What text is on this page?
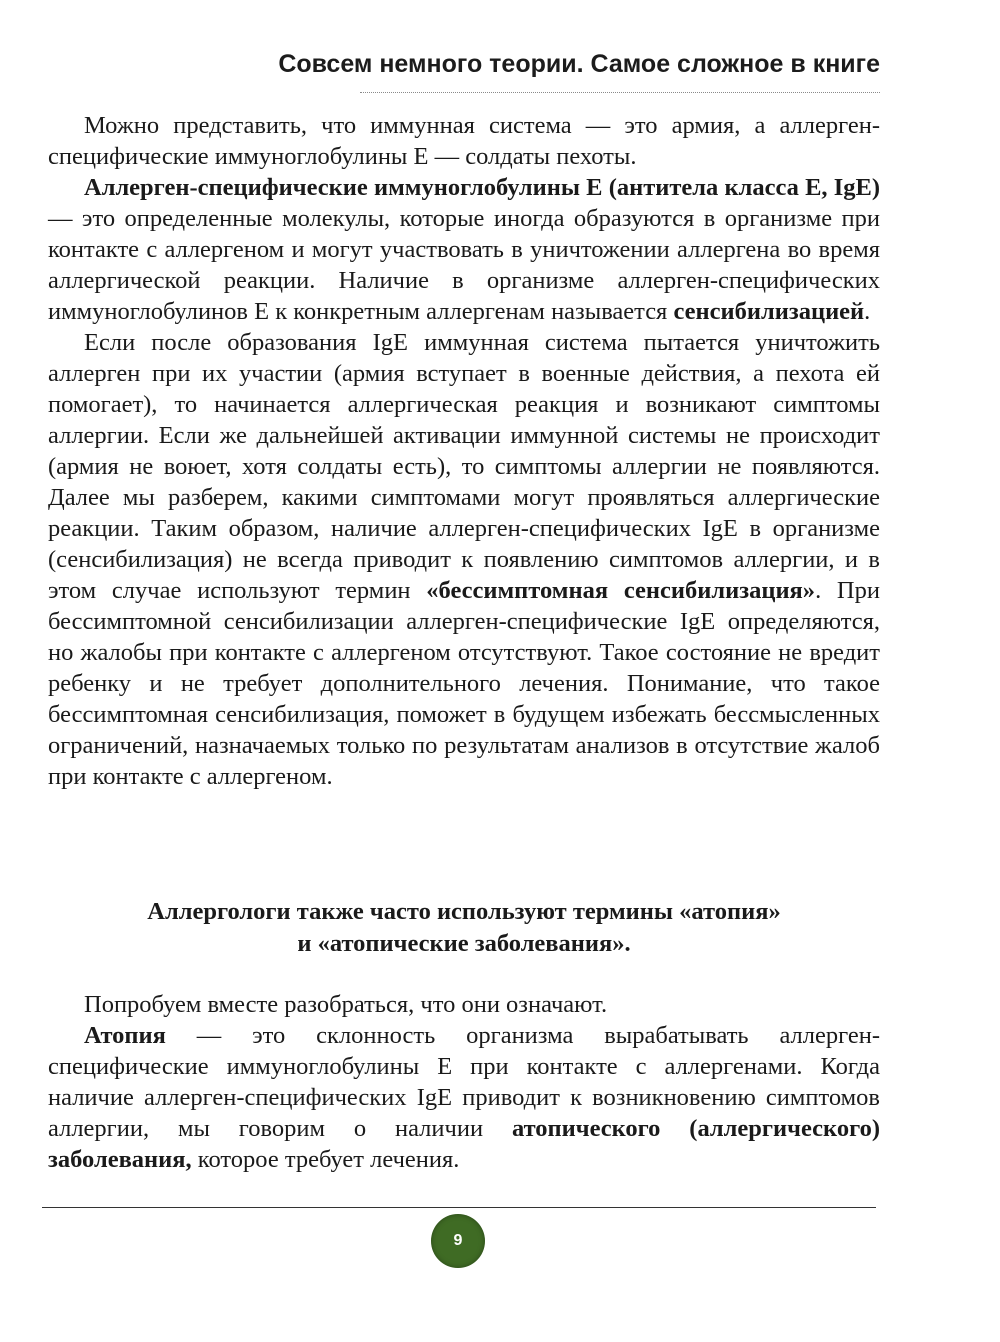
Совсем немного теории. Самое сложное в книге

Можно представить, что иммунная система — это армия, а аллерген-специфические иммуноглобулины Е — солдаты пехоты.

Аллерген-специфические иммуноглобулины Е (антитела класса Е, IgE) — это определенные молекулы, которые иногда образуются в организме при контакте с аллергеном и могут участвовать в уничтожении аллергена во время аллергической реакции. Наличие в организме аллерген-специфических иммуноглобулинов Е к конкретным аллергенам называется сенсибилизацией.

Если после образования IgE иммунная система пытается уничтожить аллерген при их участии (армия вступает в военные действия, а пехота ей помогает), то начинается аллергическая реакция и возникают симптомы аллергии. Если же дальнейшей активации иммунной системы не происходит (армия не воюет, хотя солдаты есть), то симптомы аллергии не появляются. Далее мы разберем, какими симптомами могут проявляться аллергические реакции. Таким образом, наличие аллерген-специфических IgE в организме (сенсибилизация) не всегда приводит к появлению симптомов аллергии, и в этом случае используют термин «бессимптомная сенсибилизация». При бессимптомной сенсибилизации аллерген-специфические IgE определяются, но жалобы при контакте с аллергеном отсутствуют. Такое состояние не вредит ребенку и не требует дополнительного лечения. Понимание, что такое бессимптомная сенсибилизация, поможет в будущем избежать бессмысленных ограничений, назначаемых только по результатам анализов в отсутствие жалоб при контакте с аллергеном.

Аллергологи также часто используют термины «атопия»
и «атопические заболевания».

Попробуем вместе разобраться, что они означают.

Атопия — это склонность организма вырабатывать аллерген-специфические иммуноглобулины Е при контакте с аллергенами. Когда наличие аллерген-специфических IgE приводит к возникновению симптомов аллергии, мы говорим о наличии атопического (аллергического) заболевания, которое требует лечения.

9
